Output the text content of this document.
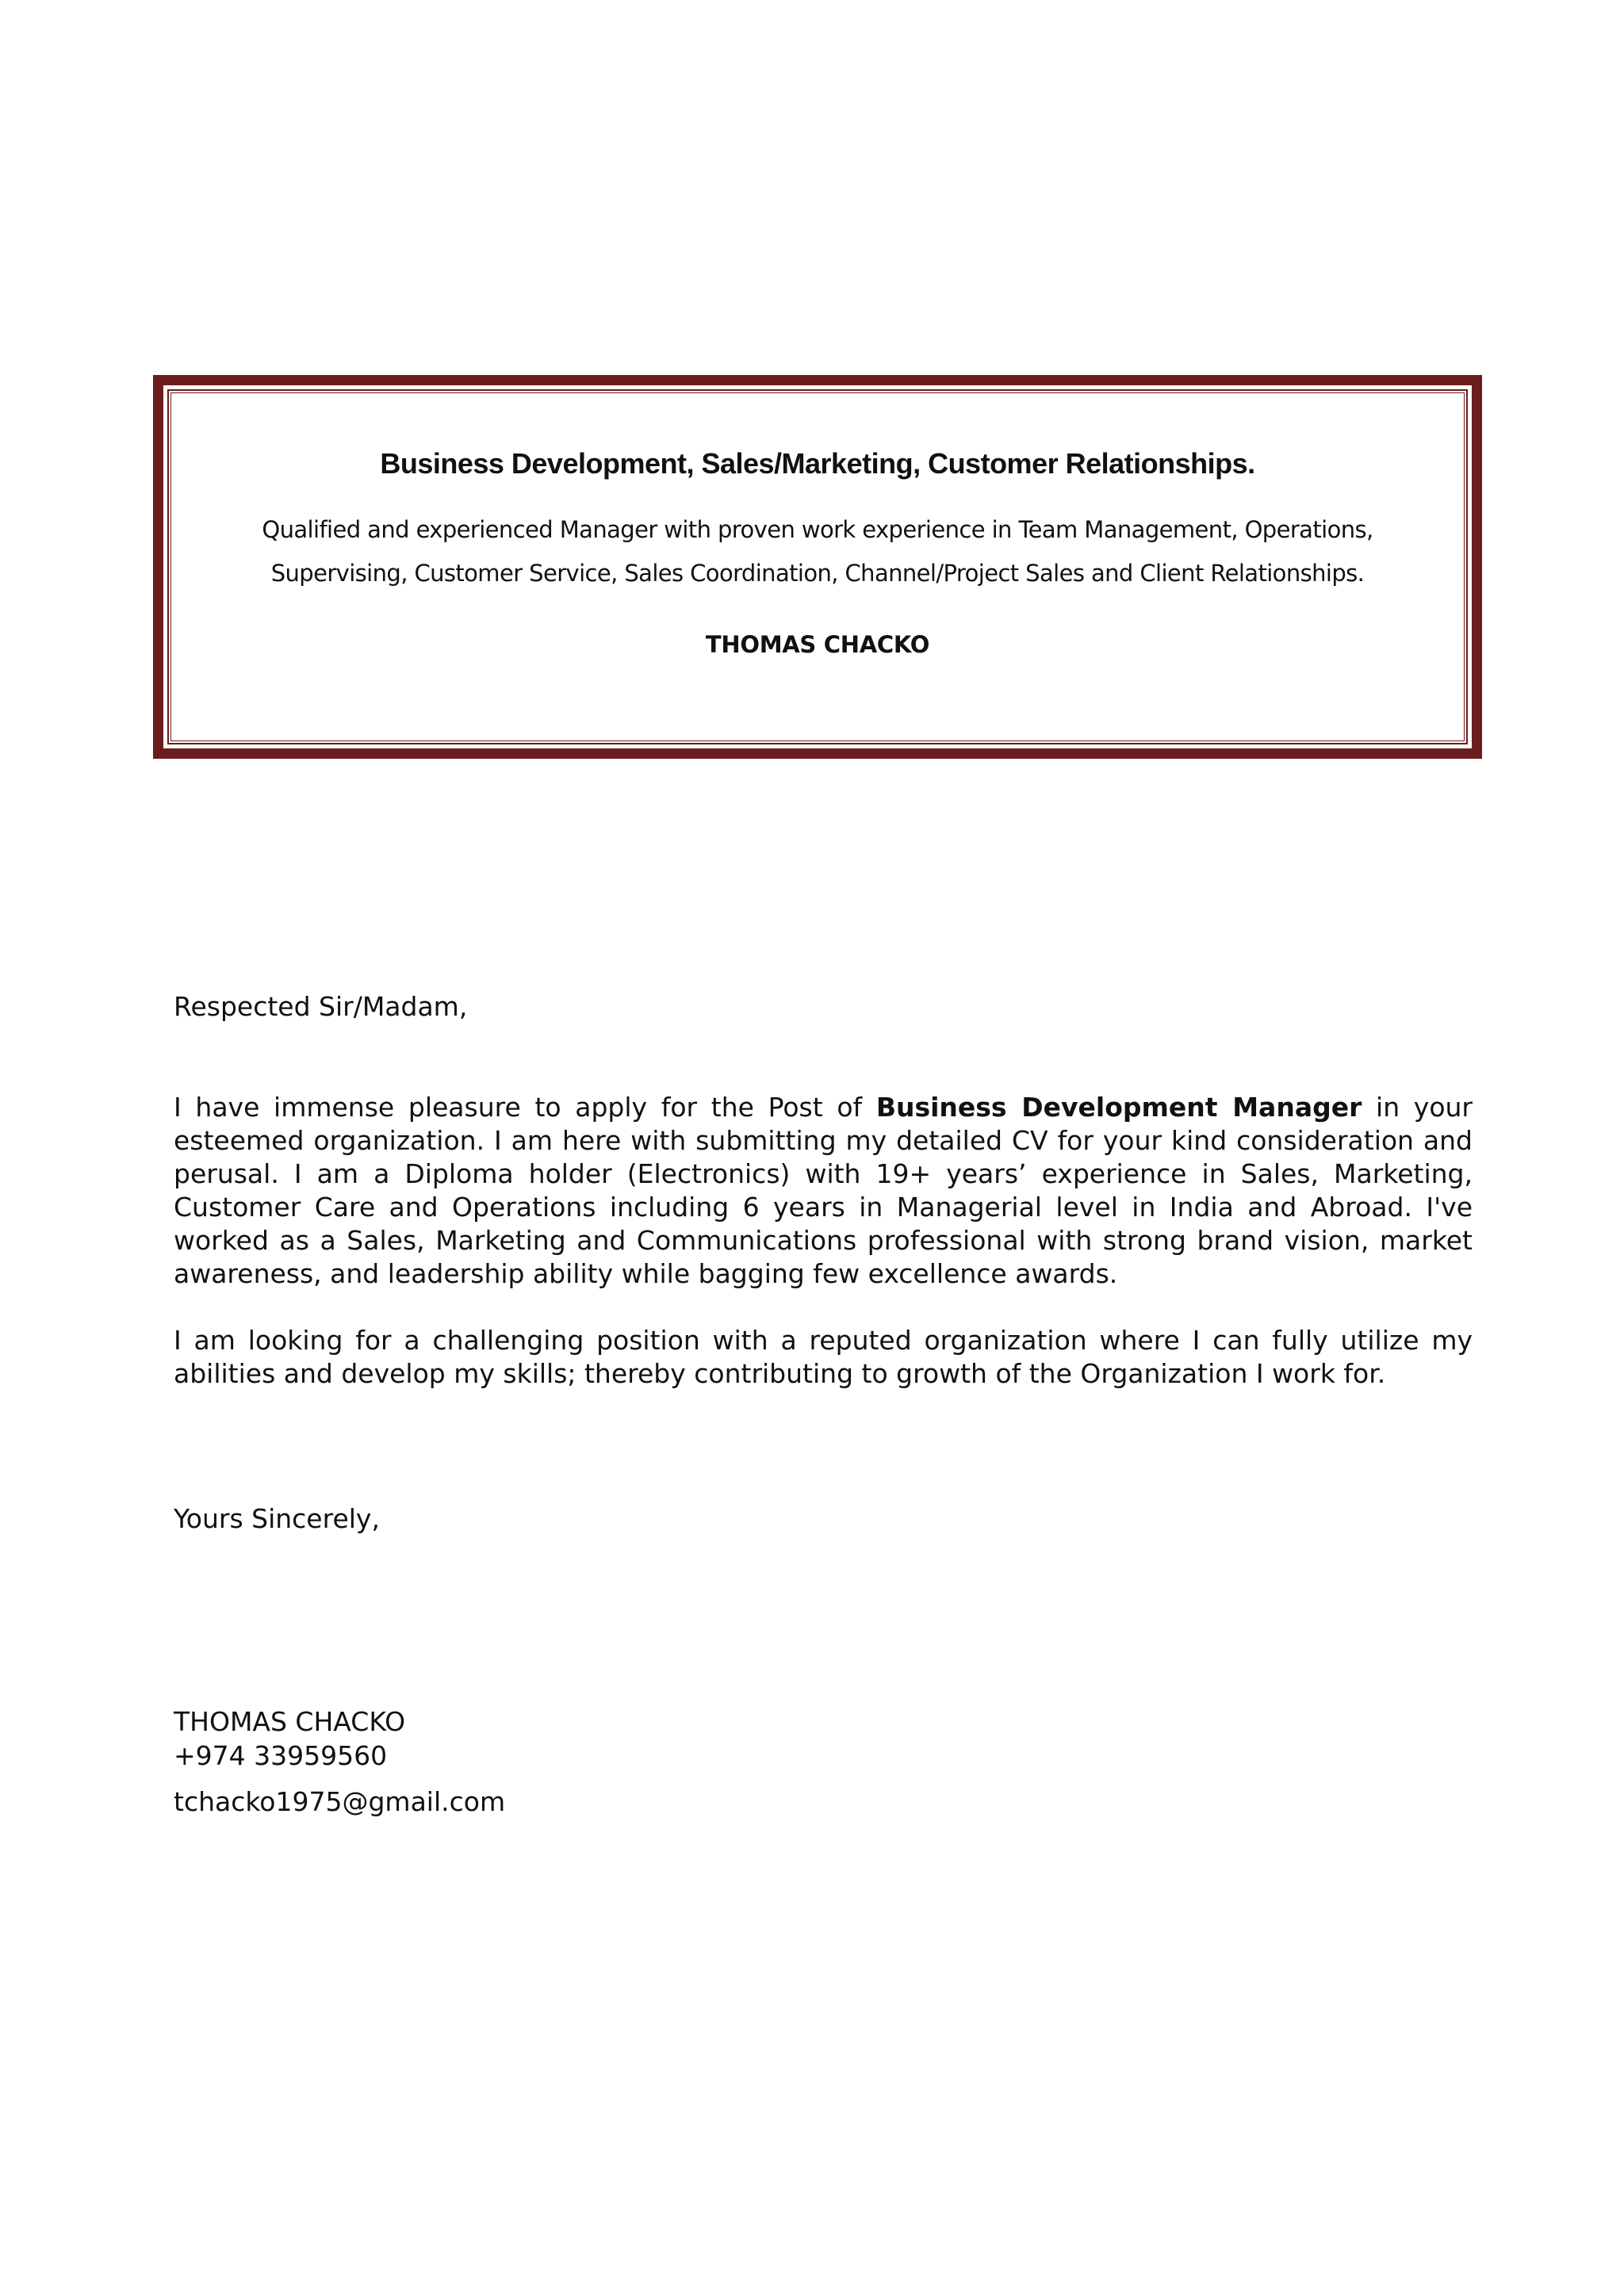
Business Development, Sales/Marketing, Customer Relationships.
Qualified and experienced Manager with proven work experience in Team Management, Operations,
Supervising, Customer Service, Sales Coordination, Channel/Project Sales and Client Relationships.
THOMAS CHACKO
Respected Sir/Madam,
I have immense pleasure to apply for the Post of Business Development Manager in your esteemed organization. I am here with submitting my detailed CV for your kind consideration and perusal. I am a Diploma holder (Electronics) with 19+ years’ experience in Sales, Marketing, Customer Care and Operations including 6 years in Managerial level in India and Abroad. I've worked as a Sales, Marketing and Communications professional with strong brand vision, market awareness, and leadership ability while bagging few excellence awards.
I am looking for a challenging position with a reputed organization where I can fully utilize my abilities and develop my skills; thereby contributing to growth of the Organization I work for.
Yours Sincerely,
THOMAS CHACKO
+974 33959560
tchacko1975@gmail.com
